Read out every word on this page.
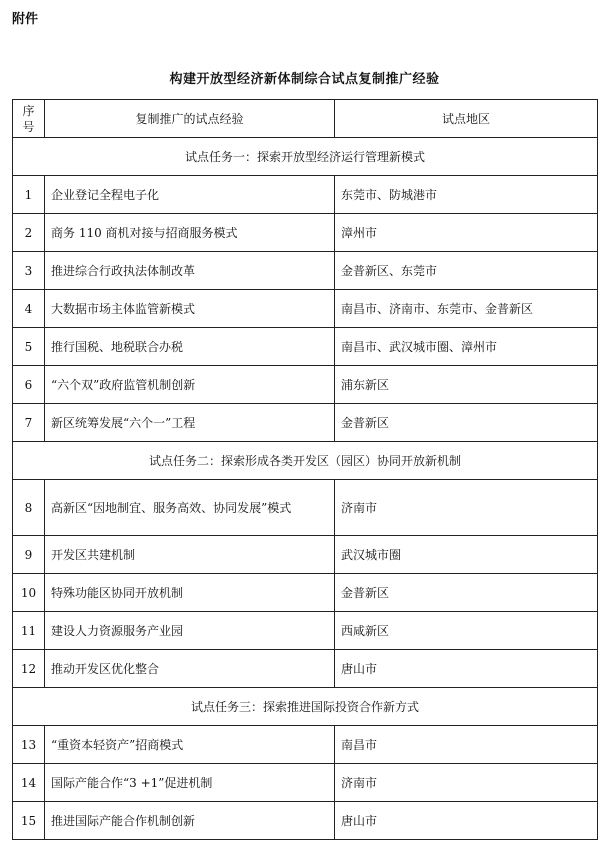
附件
构建开放型经济新体制综合试点复制推广经验
序号	复制推广的试点经验	试点地区
试点任务一：探索开放型经济运行管理新模式		
1	企业登记全程电子化	东莞市、防城港市
2	商务 110 商机对接与招商服务模式	漳州市
3	推进综合行政执法体制改革	金普新区、东莞市
4	大数据市场主体监管新模式	南昌市、济南市、东莞市、金普新区
5	推行国税、地税联合办税	南昌市、武汉城市圈、漳州市
6	“六个双”政府监管机制创新	浦东新区
7	新区统筹发展“六个一”工程	金普新区
试点任务二：探索形成各类开发区（园区）协同开放新机制		
8	高新区“因地制宜、服务高效、协同发展”模式	济南市
9	开发区共建机制	武汉城市圈
10	特殊功能区协同开放机制	金普新区
11	建设人力资源服务产业园	西咸新区
12	推动开发区优化整合	唐山市
试点任务三：探索推进国际投资合作新方式		
13	“重资本轻资产”招商模式	南昌市
14	国际产能合作“3 +1”促进机制	济南市
15	推进国际产能合作机制创新	唐山市
